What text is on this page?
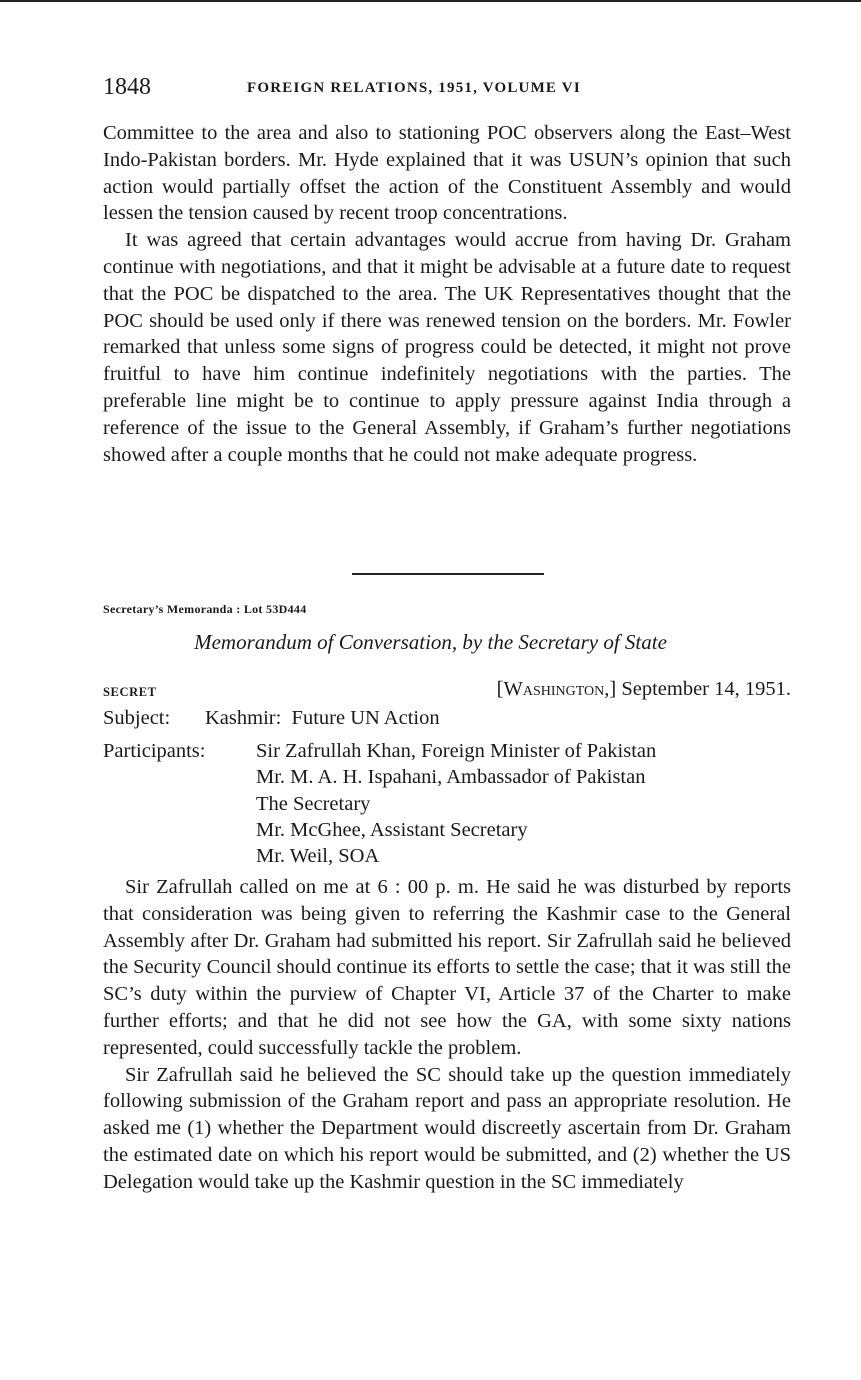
1848	FOREIGN RELATIONS, 1951, VOLUME VI

Committee to the area and also to stationing POC observers along the East–West Indo-Pakistan borders. Mr. Hyde explained that it was USUN’s opinion that such action would partially offset the action of the Constituent Assembly and would lessen the tension caused by recent troop concentrations.

It was agreed that certain advantages would accrue from having Dr. Graham continue with negotiations, and that it might be advisable at a future date to request that the POC be dispatched to the area. The UK Representatives thought that the POC should be used only if there was renewed tension on the borders. Mr. Fowler remarked that unless some signs of progress could be detected, it might not prove fruitful to have him continue indefinitely negotiations with the parties. The preferable line might be to continue to apply pressure against India through a reference of the issue to the General Assembly, if Graham’s further negotiations showed after a couple months that he could not make adequate progress.

Secretary’s Memoranda : Lot 53D444
Memorandum of Conversation, by the Secretary of State
SECRET	[Washington,] September 14, 1951.
Subject: Kashmir:  Future UN Action
Participants:	Sir Zafrullah Khan, Foreign Minister of Pakistan
Mr. M. A. H. Ispahani, Ambassador of Pakistan
The Secretary
Mr. McGhee, Assistant Secretary
Mr. Weil, SOA

Sir Zafrullah called on me at 6 : 00 p. m. He said he was disturbed by reports that consideration was being given to referring the Kashmir case to the General Assembly after Dr. Graham had submitted his report. Sir Zafrullah said he believed the Security Council should continue its efforts to settle the case; that it was still the SC’s duty within the purview of Chapter VI, Article 37 of the Charter to make further efforts; and that he did not see how the GA, with some sixty nations represented, could successfully tackle the problem.

Sir Zafrullah said he believed the SC should take up the question immediately following submission of the Graham report and pass an appropriate resolution. He asked me (1) whether the Department would discreetly ascertain from Dr. Graham the estimated date on which his report would be submitted, and (2) whether the US Delegation would take up the Kashmir question in the SC immediately
